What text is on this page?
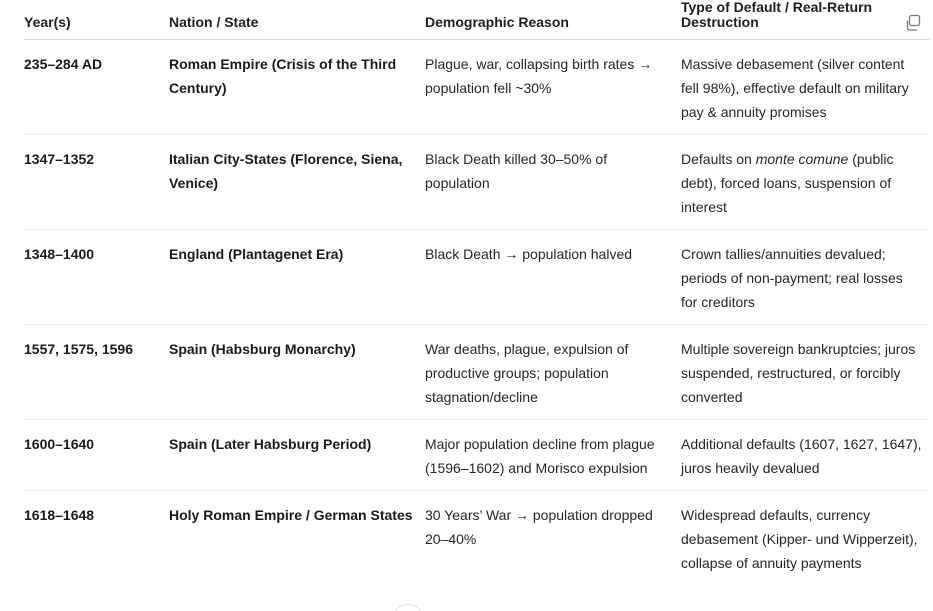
Year(s)	Nation / State	Demographic Reason	Type of Default / Real-Return Destruction
235–284 AD	Roman Empire (Crisis of the Third Century)	Plague, war, collapsing birth rates → population fell ~30%	Massive debasement (silver content fell 98%), effective default on military pay & annuity promises
1347–1352	Italian City-States (Florence, Siena, Venice)	Black Death killed 30–50% of population	Defaults on monte comune (public debt), forced loans, suspension of interest
1348–1400	England (Plantagenet Era)	Black Death → population halved	Crown tallies/annuities devalued; periods of non-payment; real losses for creditors
1557, 1575, 1596	Spain (Habsburg Monarchy)	War deaths, plague, expulsion of productive groups; population stagnation/decline	Multiple sovereign bankruptcies; juros suspended, restructured, or forcibly converted
1600–1640	Spain (Later Habsburg Period)	Major population decline from plague (1596–1602) and Morisco expulsion	Additional defaults (1607, 1627, 1647), juros heavily devalued
1618–1648	Holy Roman Empire / German States	30 Years’ War → population dropped 20–40%	Widespread defaults, currency debasement (Kipper- und Wipperzeit), collapse of annuity payments
